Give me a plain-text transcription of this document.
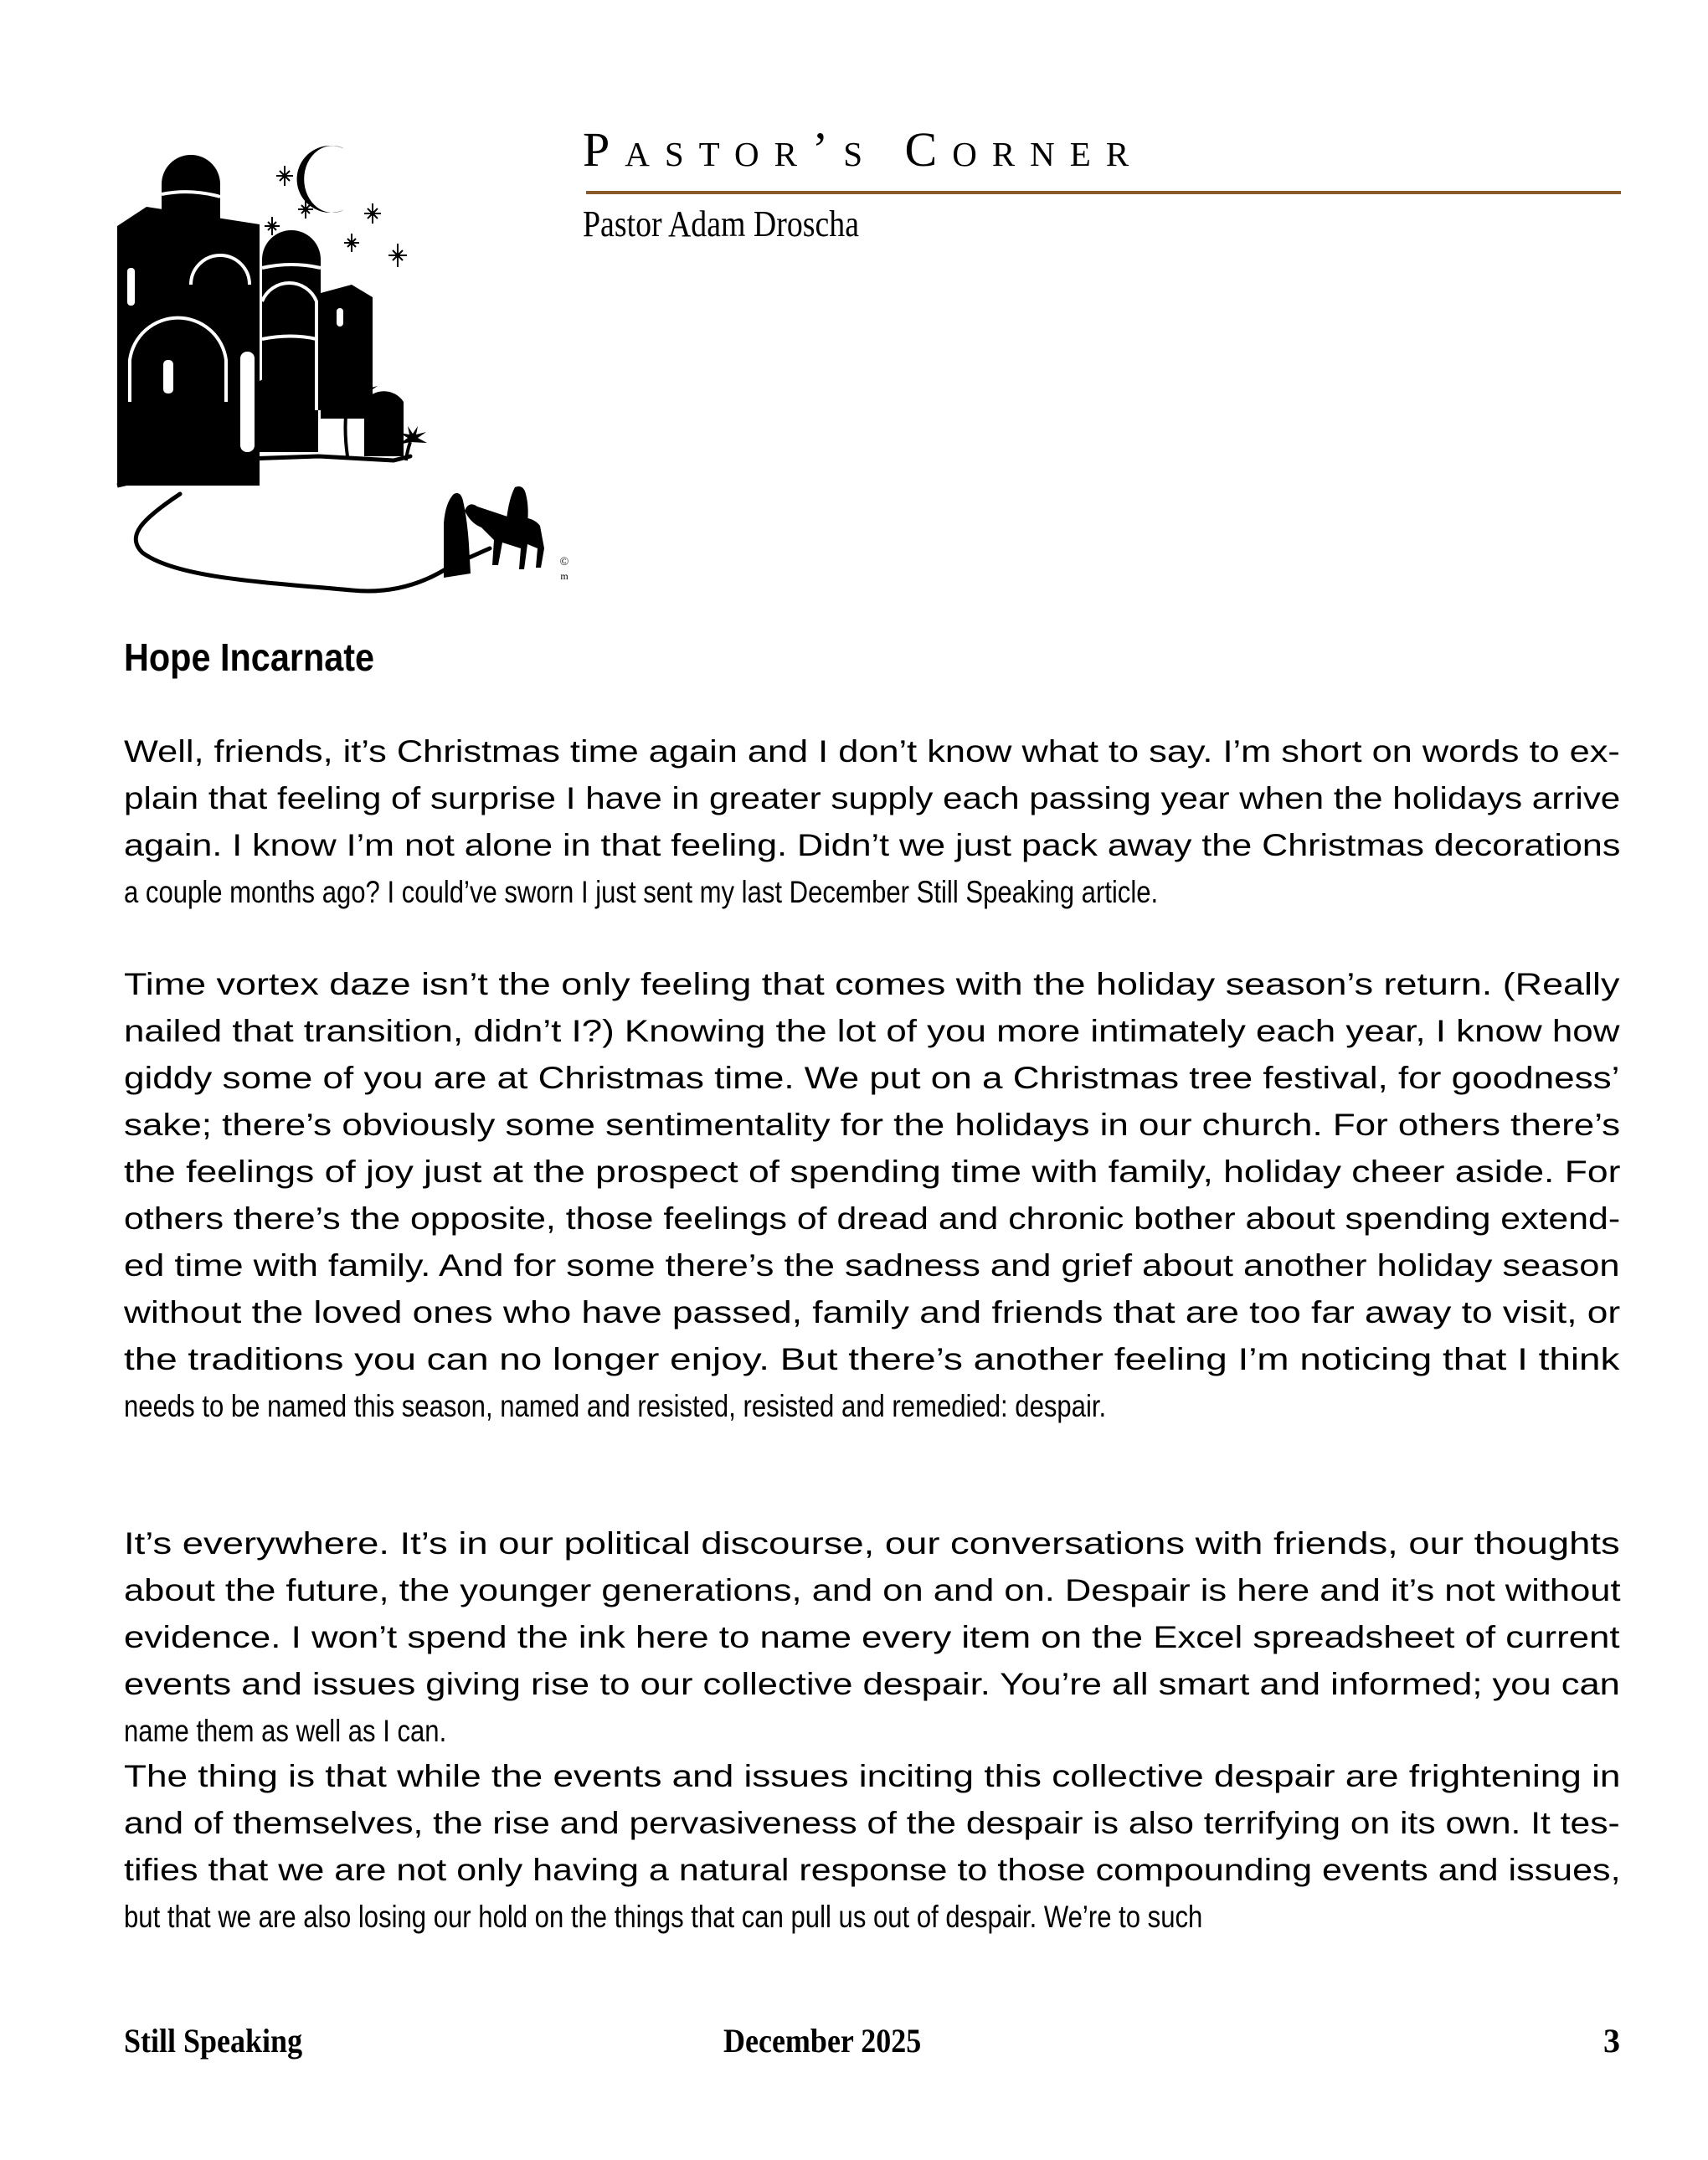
©
m
Pastor’s Corner
Pastor Adam Droscha
Hope Incarnate
Well, friends, it’s Christmas time again and I don’t know what to say. I’m short on words to ex-
plain that feeling of surprise I have in greater supply each passing year when the holidays arrive
again. I know I’m not alone in that feeling. Didn’t we just pack away the Christmas decorations
a couple months ago? I could’ve sworn I just sent my last December Still Speaking article.
Time vortex daze isn’t the only feeling that comes with the holiday season’s return. (Really
nailed that transition, didn’t I?) Knowing the lot of you more intimately each year, I know how
giddy some of you are at Christmas time. We put on a Christmas tree festival, for goodness’
sake; there’s obviously some sentimentality for the holidays in our church. For others there’s
the feelings of joy just at the prospect of spending time with family, holiday cheer aside. For
others there’s the opposite, those feelings of dread and chronic bother about spending extend-
ed time with family. And for some there’s the sadness and grief about another holiday season
without the loved ones who have passed, family and friends that are too far away to visit, or
the traditions you can no longer enjoy. But there’s another feeling I’m noticing that I think
needs to be named this season, named and resisted, resisted and remedied: despair.
It’s everywhere. It’s in our political discourse, our conversations with friends, our thoughts
about the future, the younger generations, and on and on. Despair is here and it’s not without
evidence. I won’t spend the ink here to name every item on the Excel spreadsheet of current
events and issues giving rise to our collective despair. You’re all smart and informed; you can
name them as well as I can.
The thing is that while the events and issues inciting this collective despair are frightening in
and of themselves, the rise and pervasiveness of the despair is also terrifying on its own. It tes-
tifies that we are not only having a natural response to those compounding events and issues,
but that we are also losing our hold on the things that can pull us out of despair. We’re to such
Still Speaking	December 2025	3
